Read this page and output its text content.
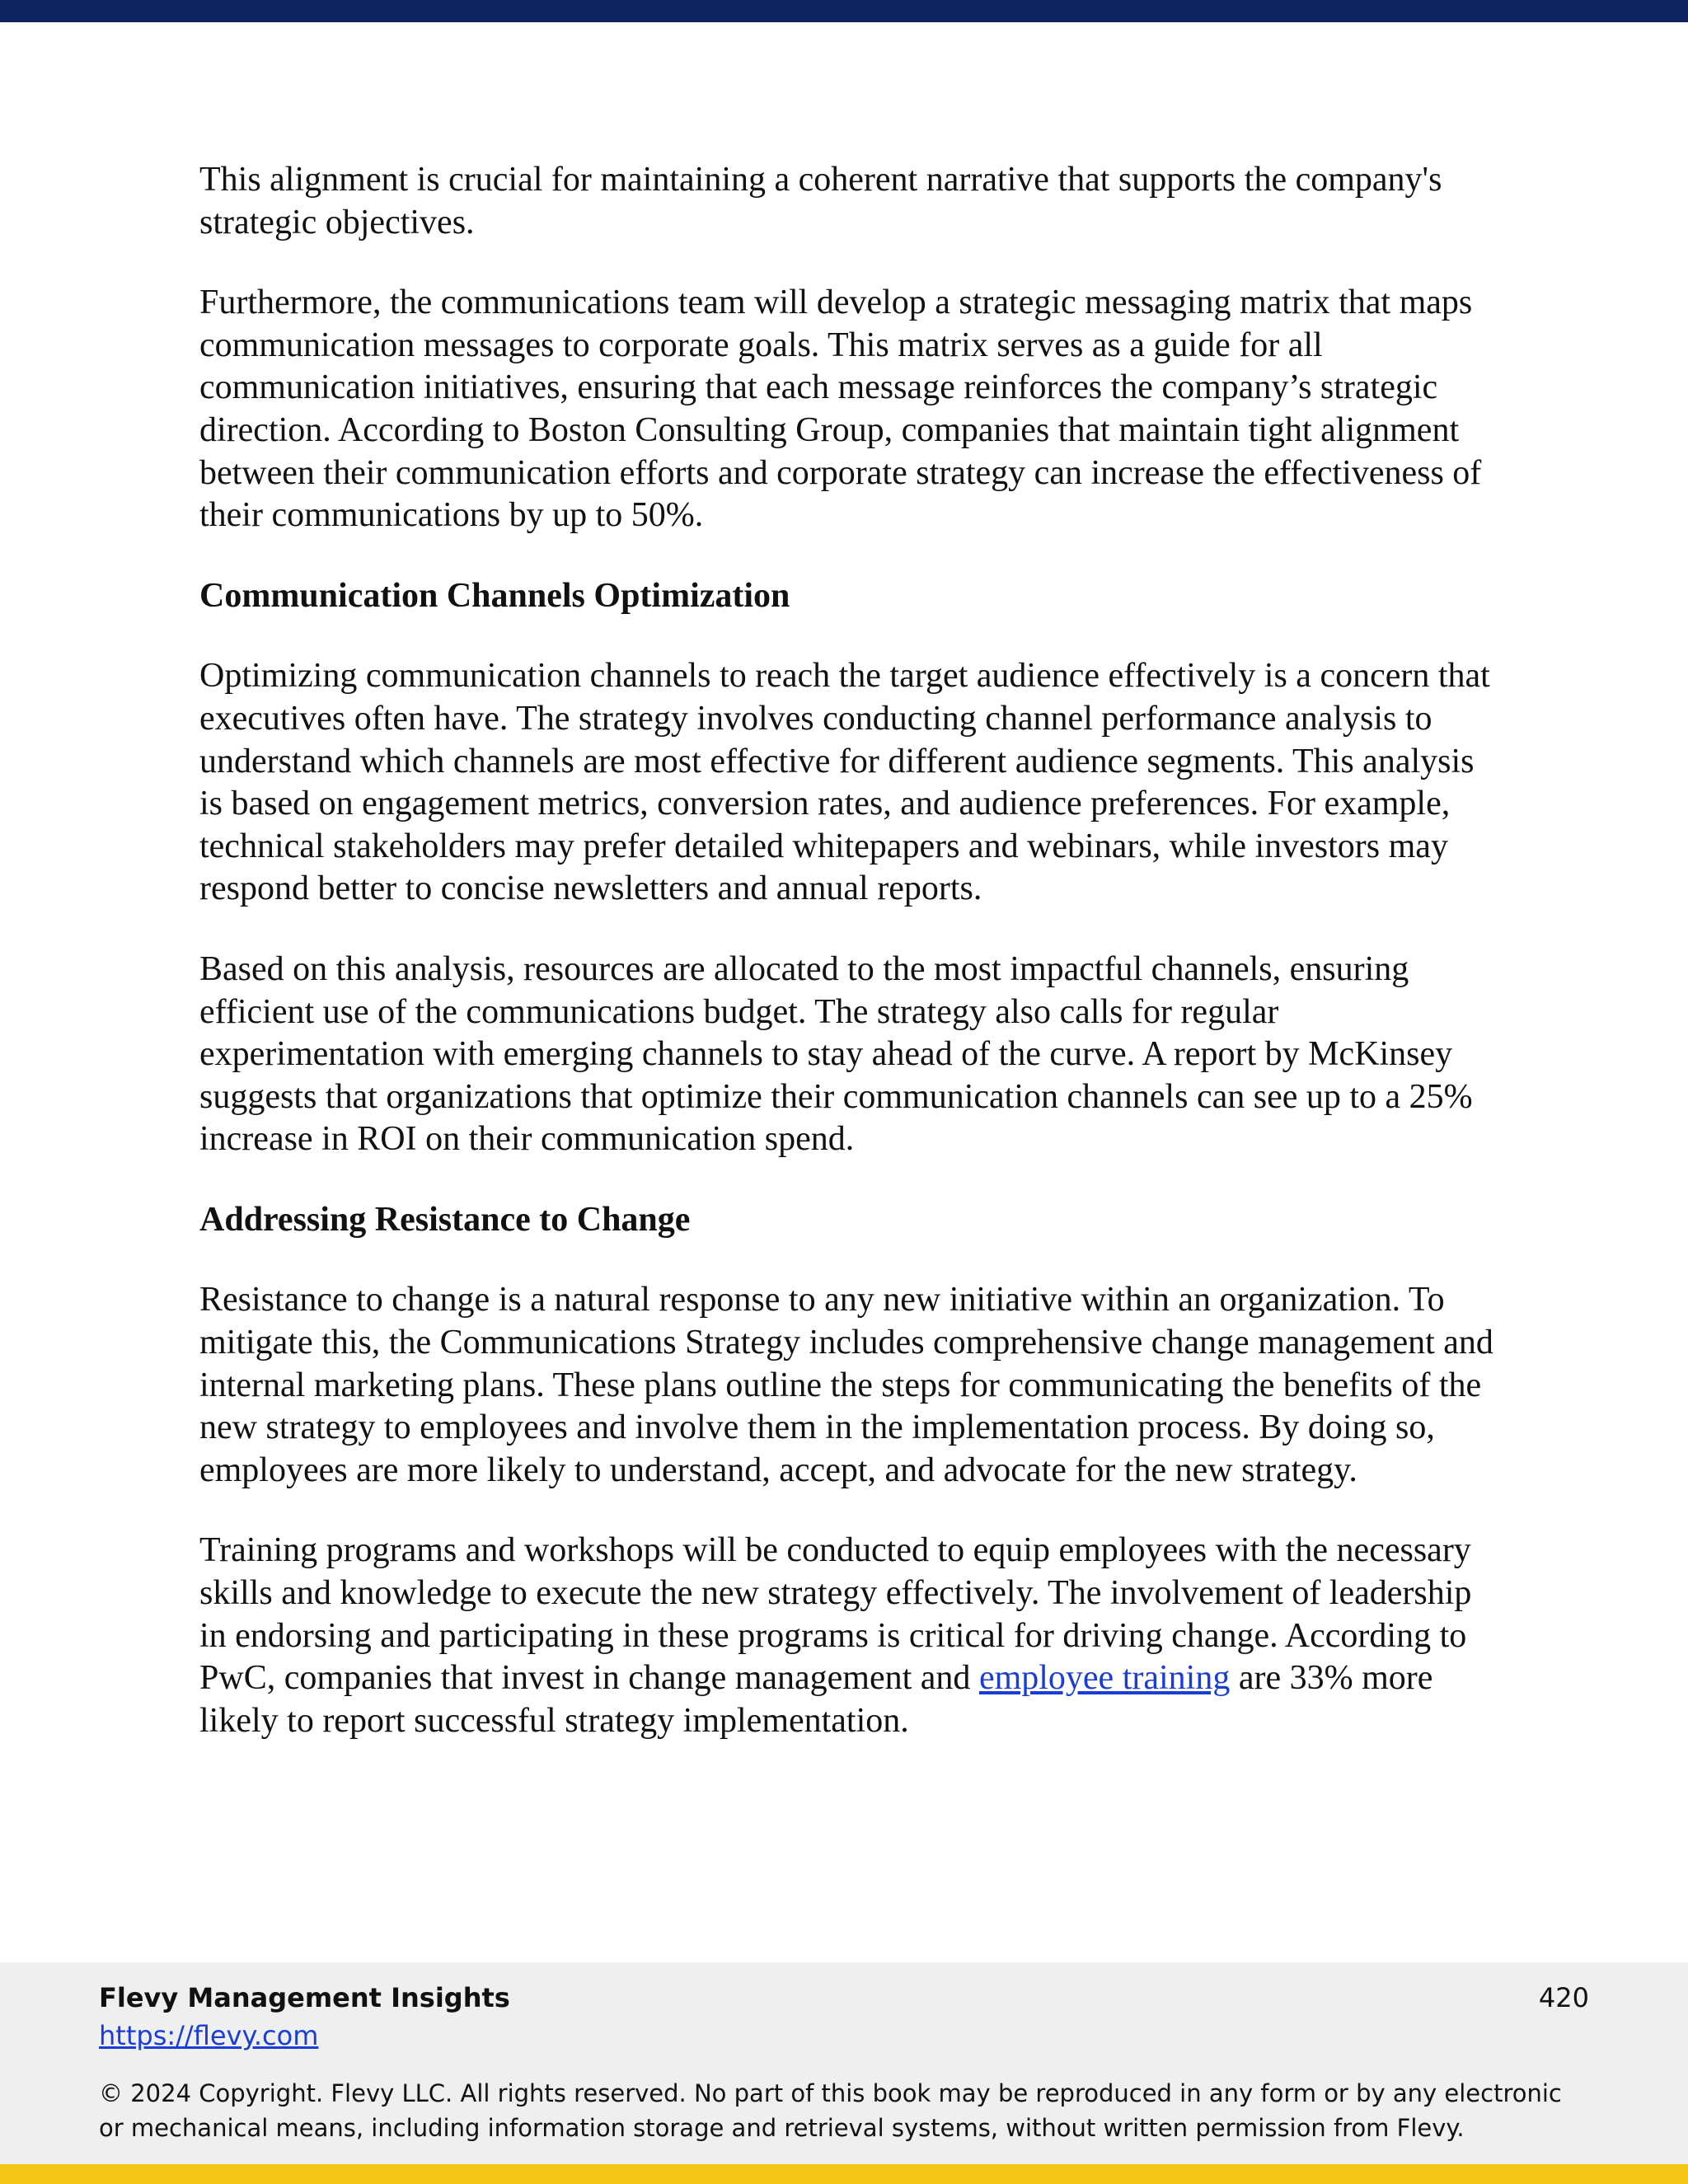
This alignment is crucial for maintaining a coherent narrative that supports the company's strategic objectives.

Furthermore, the communications team will develop a strategic messaging matrix that maps communication messages to corporate goals. This matrix serves as a guide for all communication initiatives, ensuring that each message reinforces the company’s strategic direction. According to Boston Consulting Group, companies that maintain tight alignment between their communication efforts and corporate strategy can increase the effectiveness of their communications by up to 50%.

Communication Channels Optimization

Optimizing communication channels to reach the target audience effectively is a concern that executives often have. The strategy involves conducting channel performance analysis to understand which channels are most effective for different audience segments. This analysis is based on engagement metrics, conversion rates, and audience preferences. For example, technical stakeholders may prefer detailed whitepapers and webinars, while investors may respond better to concise newsletters and annual reports.

Based on this analysis, resources are allocated to the most impactful channels, ensuring efficient use of the communications budget. The strategy also calls for regular experimentation with emerging channels to stay ahead of the curve. A report by McKinsey suggests that organizations that optimize their communication channels can see up to a 25% increase in ROI on their communication spend.

Addressing Resistance to Change

Resistance to change is a natural response to any new initiative within an organization. To mitigate this, the Communications Strategy includes comprehensive change management and internal marketing plans. These plans outline the steps for communicating the benefits of the new strategy to employees and involve them in the implementation process. By doing so, employees are more likely to understand, accept, and advocate for the new strategy.

Training programs and workshops will be conducted to equip employees with the necessary skills and knowledge to execute the new strategy effectively. The involvement of leadership in endorsing and participating in these programs is critical for driving change. According to PwC, companies that invest in change management and employee training are 33% more likely to report successful strategy implementation.

Flevy Management Insights
https://flevy.com
420
© 2024 Copyright. Flevy LLC. All rights reserved. No part of this book may be reproduced in any form or by any electronic or mechanical means, including information storage and retrieval systems, without written permission from Flevy.
